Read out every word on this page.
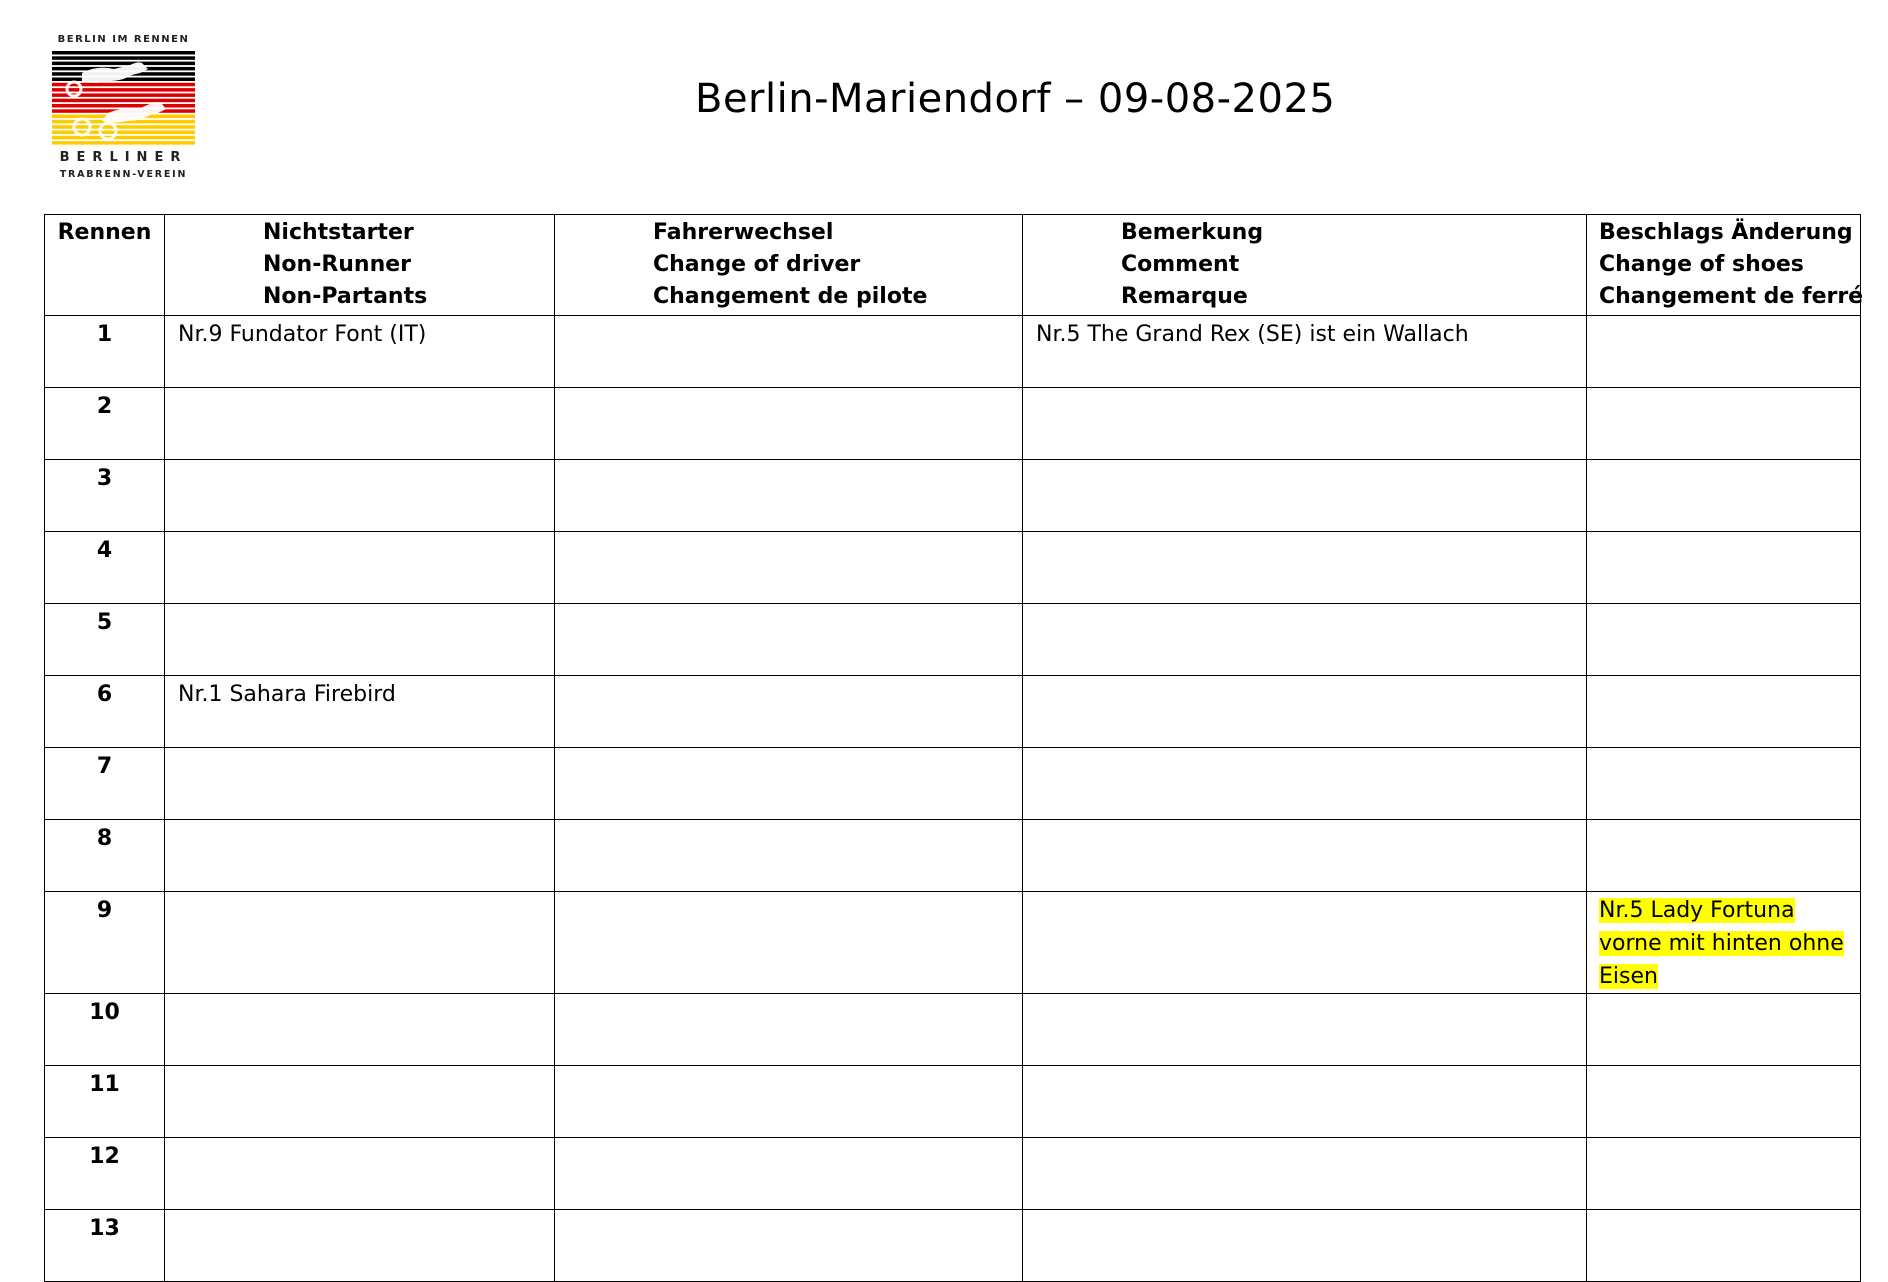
BERLIN IM RENNEN
BERLINER
TRABRENN-VEREIN
Berlin-Mariendorf – 09-08-2025
Rennen	Nichtstarter
Non-Runner
Non-Partants	Fahrerwechsel
Change of driver
Changement de pilote	Bemerkung
Comment
Remarque	Beschlags Änderung
Change of shoes
Changement de ferré

1	Nr.9 Fundator Font (IT)		Nr.5 The Grand Rex (SE) ist ein Wallach	
2				
3				
4				
5				
6	Nr.1 Sahara Firebird			
7				
8				
9				Nr.5 Lady Fortuna
vorne mit hinten ohne
Eisen

10				
11				
12				
13				
